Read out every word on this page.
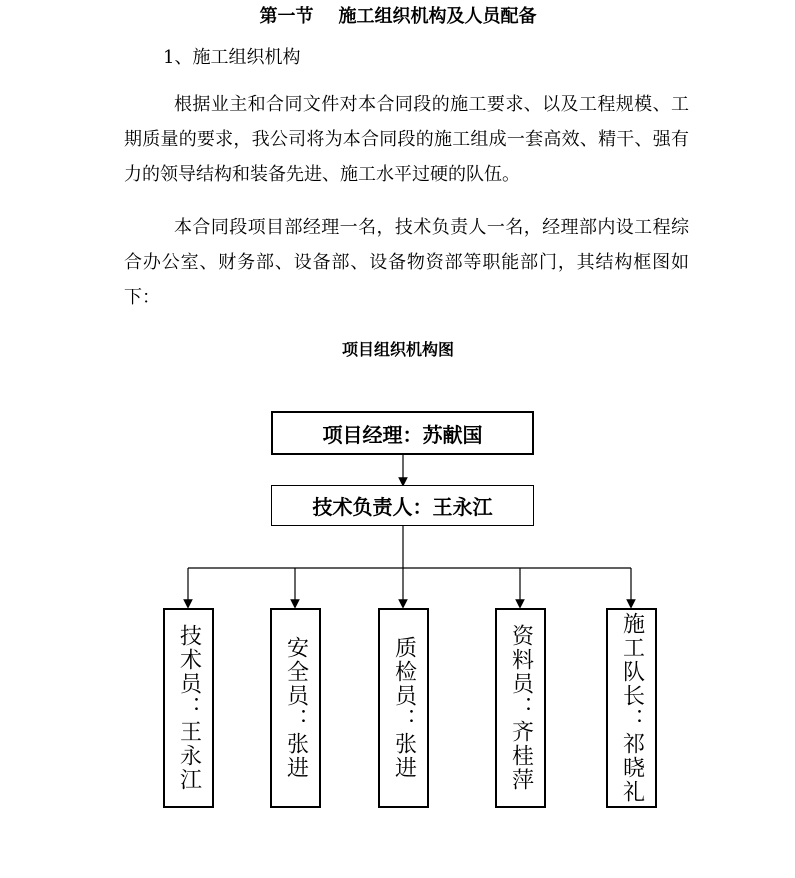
第一节    施工组织机构及人员配备
1、施工组织机构
根据业主和合同文件对本合同段的施工要求、以及工程规模、工期质量的要求，我公司将为本合同段的施工组成一套高效、精干、强有力的领导结构和装备先进、施工水平过硬的队伍。
本合同段项目部经理一名，技术负责人一名，经理部内设工程综合办公室、财务部、设备部、设备物资部等职能部门，其结构框图如下：
项目组织机构图
项目经理：苏献国
技术负责人：王永江
技术员：王永江	安全员：张进	质检员：张进	资料员：齐桂萍	施工队长：祁晓礼
